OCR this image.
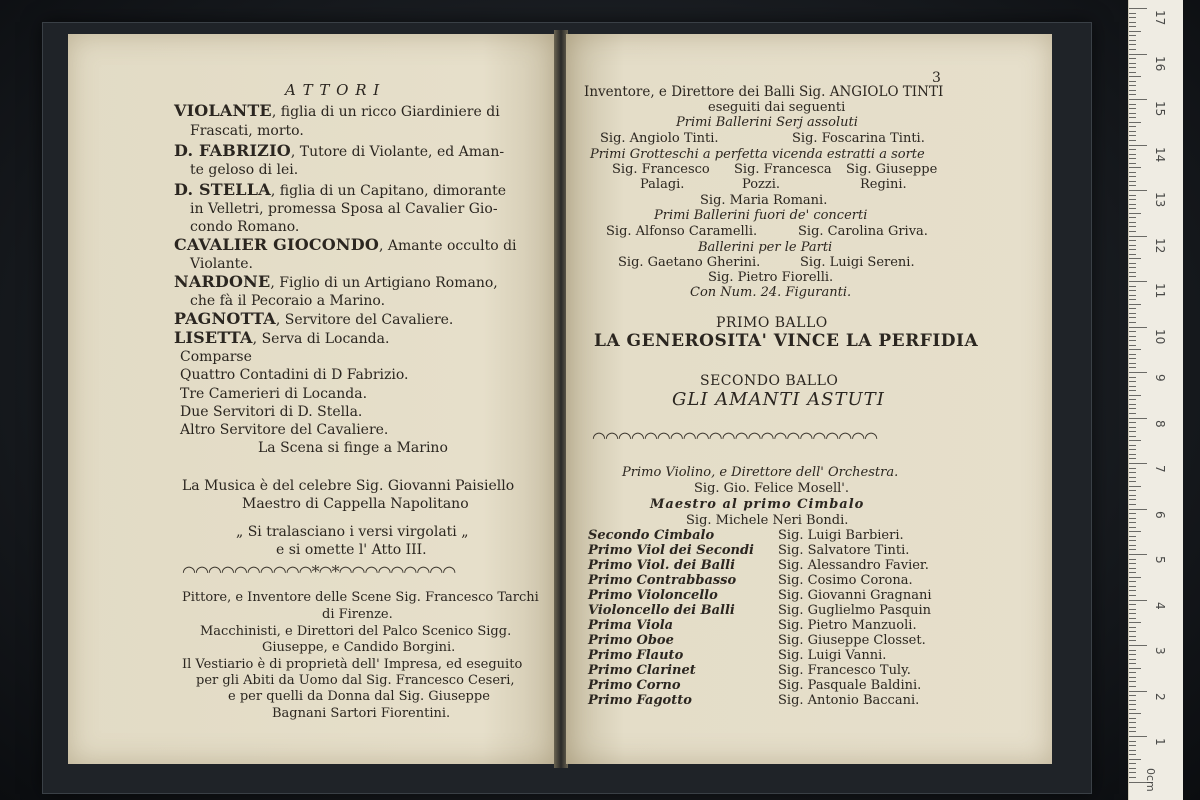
A T T O R I
VIOLANTE, figlia di un ricco Giardiniere di
Frascati, morto.
D. FABRIZIO, Tutore di Violante, ed Aman-
te geloso di lei.
D. STELLA, figlia di un Capitano, dimorante
in Velletri, promessa Sposa al Cavalier Gio-
condo Romano.
CAVALIER GIOCONDO, Amante occulto di
Violante.
NARDONE, Figlio di un Artigiano Romano,
che fà il Pecoraio a Marino.
PAGNOTTA, Servitore del Cavaliere.
LISETTA, Serva di Locanda.
Comparse
Quattro Contadini di D Fabrizio.
Tre Camerieri di Locanda.
Due Servitori di D. Stella.
Altro Servitore del Cavaliere.
La Scena si finge a Marino
La Musica è del celebre Sig. Giovanni Paisiello
Maestro di Cappella Napolitano
„ Si tralasciano i versi virgolati „
e si omette l' Atto III.
◠◠◠◠◠◠◠◠◠◠*◠*◠◠◠◠◠◠◠◠◠
Pittore, e Inventore delle Scene Sig. Francesco Tarchi
di Firenze.
Macchinisti, e Direttori del Palco Scenico Sigg.
Giuseppe, e Candido Borgini.
Il Vestiario è di proprietà dell' Impresa, ed eseguito
per gli Abiti da Uomo dal Sig. Francesco Ceseri,
e per quelli da Donna dal Sig. Giuseppe
Bagnani Sartori Fiorentini.
3
Inventore, e Direttore dei Balli Sig. ANGIOLO TINTI
eseguiti dai seguenti
Primi Ballerini Serj assoluti
Sig. Angiolo Tinti.	Sig. Foscarina Tinti.
Primi Grotteschi a perfetta vicenda estratti a sorte
Sig. Francesco Sig. Francesca Sig. Giuseppe
Palagi.	Pozzi.	Regini.
Sig. Maria Romani.
Primi Ballerini fuori de' concerti
Sig. Alfonso Caramelli.	Sig. Carolina Griva.
Ballerini per le Parti
Sig. Gaetano Gherini.	Sig. Luigi Sereni.
Sig. Pietro Fiorelli.
Con Num. 24. Figuranti.
PRIMO BALLO
LA GENEROSITA' VINCE LA PERFIDIA
SECONDO BALLO
GLI AMANTI ASTUTI
◠◠◠◠◠◠◠◠◠◠◠◠◠◠◠◠◠◠◠◠◠◠
Primo Violino, e Direttore dell' Orchestra.
Sig. Gio. Felice Mosell'.
Maestro al primo Cimbalo
Sig. Michele Neri Bondi.
Secondo Cimbalo	Sig. Luigi Barbieri.
Primo Viol dei Secondi Sig. Salvatore Tinti.
Primo Viol. dei Balli	Sig. Alessandro Favier.
Primo Contrabbasso	Sig. Cosimo Corona.
Primo Violoncello	Sig. Giovanni Gragnani
Violoncello dei Balli	Sig. Guglielmo Pasquin
Prima Viola	Sig. Pietro Manzuoli.
Primo Oboe	Sig. Giuseppe Closset.
Primo Flauto	Sig. Luigi Vanni.
Primo Clarinet	Sig. Francesco Tuly.
Primo Corno	Sig. Pasquale Baldini.
Primo Fagotto	Sig. Antonio Baccani.
17
16
15
14
13
12
11
10
9
8
7
6
5
4
3
2
1
0cm
